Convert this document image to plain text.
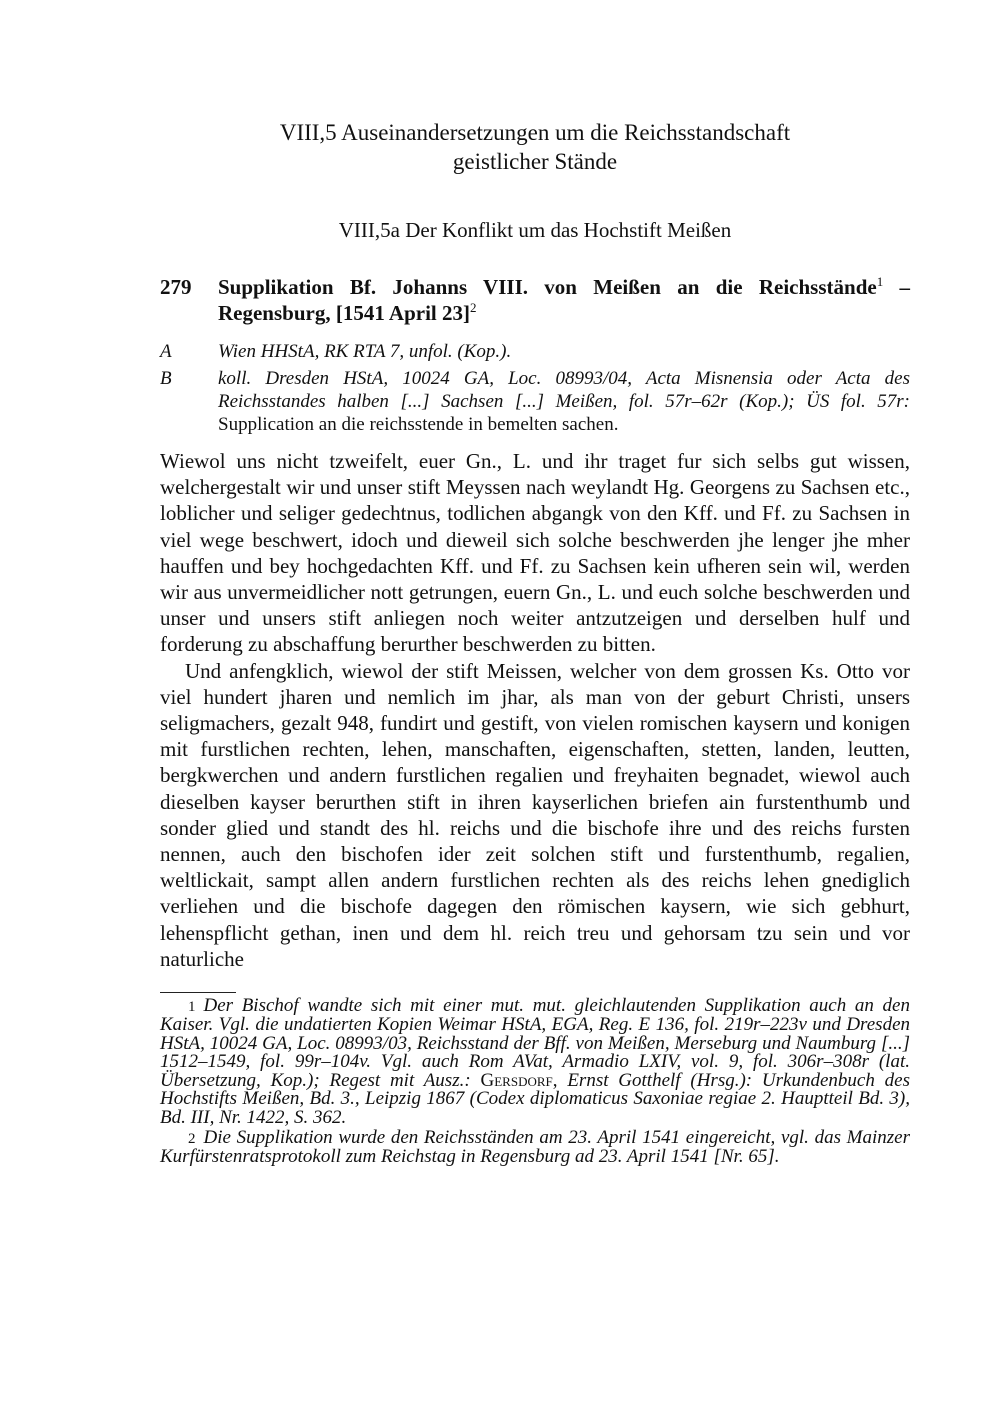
VIII,5 Auseinandersetzungen um die Reichsstandschaft
geistlicher Stände

VIII,5a Der Konflikt um das Hochstift Meißen

279	Supplikation Bf. Johanns VIII. von Meißen an die Reichsstände$^1$ – Regensburg, [1541 April 23]$^2$
A	Wien HHStA, RK RTA 7, unfol. (Kop.).
B	koll. Dresden HStA, 10024 GA, Loc. 08993/04, Acta Misnensia oder Acta des Reichsstandes halben [...] Sachsen [...] Meißen, fol. 57r–62r (Kop.); ÜS fol. 57r: Supplication an die reichsstende in bemelten sachen.

Wiewol uns nicht tzweifelt, euer Gn., L. und ihr traget fur sich selbs gut wissen, welchergestalt wir und unser stift Meyssen nach weylandt Hg. Georgens zu Sachsen etc., loblicher und seliger gedechtnus, todlichen abgangk von den Kff. und Ff. zu Sachsen in viel wege beschwert, idoch und dieweil sich solche beschwerden jhe lenger jhe mher hauffen und bey hochgedachten Kff. und Ff. zu Sachsen kein ufheren sein wil, werden wir aus unvermeidlicher nott getrungen, euern Gn., L. und euch solche beschwerden und unser und unsers stift anliegen noch weiter antzutzeigen und derselben hulf und forderung zu abschaffung berurther beschwerden zu bitten.

Und anfengklich, wiewol der stift Meissen, welcher von dem grossen Ks. Otto vor viel hundert jharen und nemlich im jhar, als man von der geburt Christi, unsers seligmachers, gezalt 948, fundirt und gestift, von vielen romischen kaysern und konigen mit furstlichen rechten, lehen, manschaften, eigenschaften, stetten, landen, leutten, bergkwerchen und andern furstlichen regalien und freyhaiten begnadet, wiewol auch dieselben kayser berurthen stift in ihren kayserlichen briefen ain furstenthumb und sonder glied und standt des hl. reichs und die bischofe ihre und des reichs fursten nennen, auch den bischofen ider zeit solchen stift und furstenthumb, regalien, weltlickait, sampt allen andern furstlichen rechten als des reichs lehen gnediglich verliehen und die bischofe dagegen den römischen kaysern, wie sich gebhurt, lehenspflicht gethan, inen und dem hl. reich treu und gehorsam tzu sein und vor naturliche

1 Der Bischof wandte sich mit einer mut. mut. gleichlautenden Supplikation auch an den Kaiser. Vgl. die undatierten Kopien Weimar HStA, EGA, Reg. E 136, fol. 219r–223v und Dresden HStA, 10024 GA, Loc. 08993/03, Reichsstand der Bff. von Meißen, Merseburg und Naumburg [...] 1512–1549, fol. 99r–104v. Vgl. auch Rom AVat, Armadio LXIV, vol. 9, fol. 306r–308r (lat. Übersetzung, Kop.); Regest mit Ausz.: Gersdorf, Ernst Gotthelf (Hrsg.): Urkundenbuch des Hochstifts Meißen, Bd. 3., Leipzig 1867 (Codex diplomaticus Saxoniae regiae 2. Hauptteil Bd. 3), Bd. III, Nr. 1422, S. 362.

2 Die Supplikation wurde den Reichsständen am 23. April 1541 eingereicht, vgl. das Mainzer Kurfürstenratsprotokoll zum Reichstag in Regensburg ad 23. April 1541 [Nr. 65].
